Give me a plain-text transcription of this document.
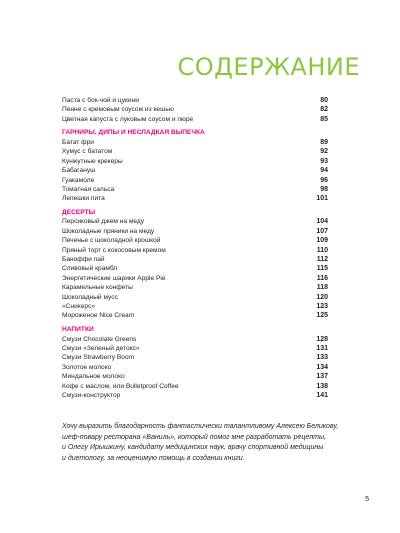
СОДЕРЖАНИЕ
Паста с бок-чой и цукини	80
Пенне с кремовым соусом из кешью	82
Цветная капуста с луковым соусом и пюре	85
ГАРНИРЫ, ДИПЫ И НЕСЛАДКАЯ ВЫПЕЧКА
Батат фри	89
Хумус с бататом	92
Кунжутные крекеры	93
Бабагануш	94
Гуакамоле	96
Томатная сальса	98
Лепешки пита	101
ДЕСЕРТЫ
Персиковый джем на меду	104
Шоколадные пряники на меду	107
Печенье с шоколадной крошкой	109
Пряный торт с кокосовым кремом	110
Баноффи пай	112
Сливовый крамбл	115
Энергетические шарики Apple Pie	116
Карамельные конфеты	118
Шоколадный мусс	120
«Сникерс»	123
Мороженое Nice Cream	125
НАПИТКИ
Смузи Chocolate Greens	128
Смузи «Зеленый детокс»	131
Смузи Strawberry Boom	133
Золотое молоко	134
Миндальное молоко	137
Кофе с маслом, или Bulletproof Coffee	138
Смузи-конструктор	141
Хочу выразить благодарность фантастически талантливому Алексею Беликову,
шеф-повару ресторана «Ваниль», который помог мне разработать рецепты,
и Олегу Ирышкину, кандидату медицинских наук, врачу спортивной медицины
и диетологу, за неоценимую помощь в создании книги.
5
